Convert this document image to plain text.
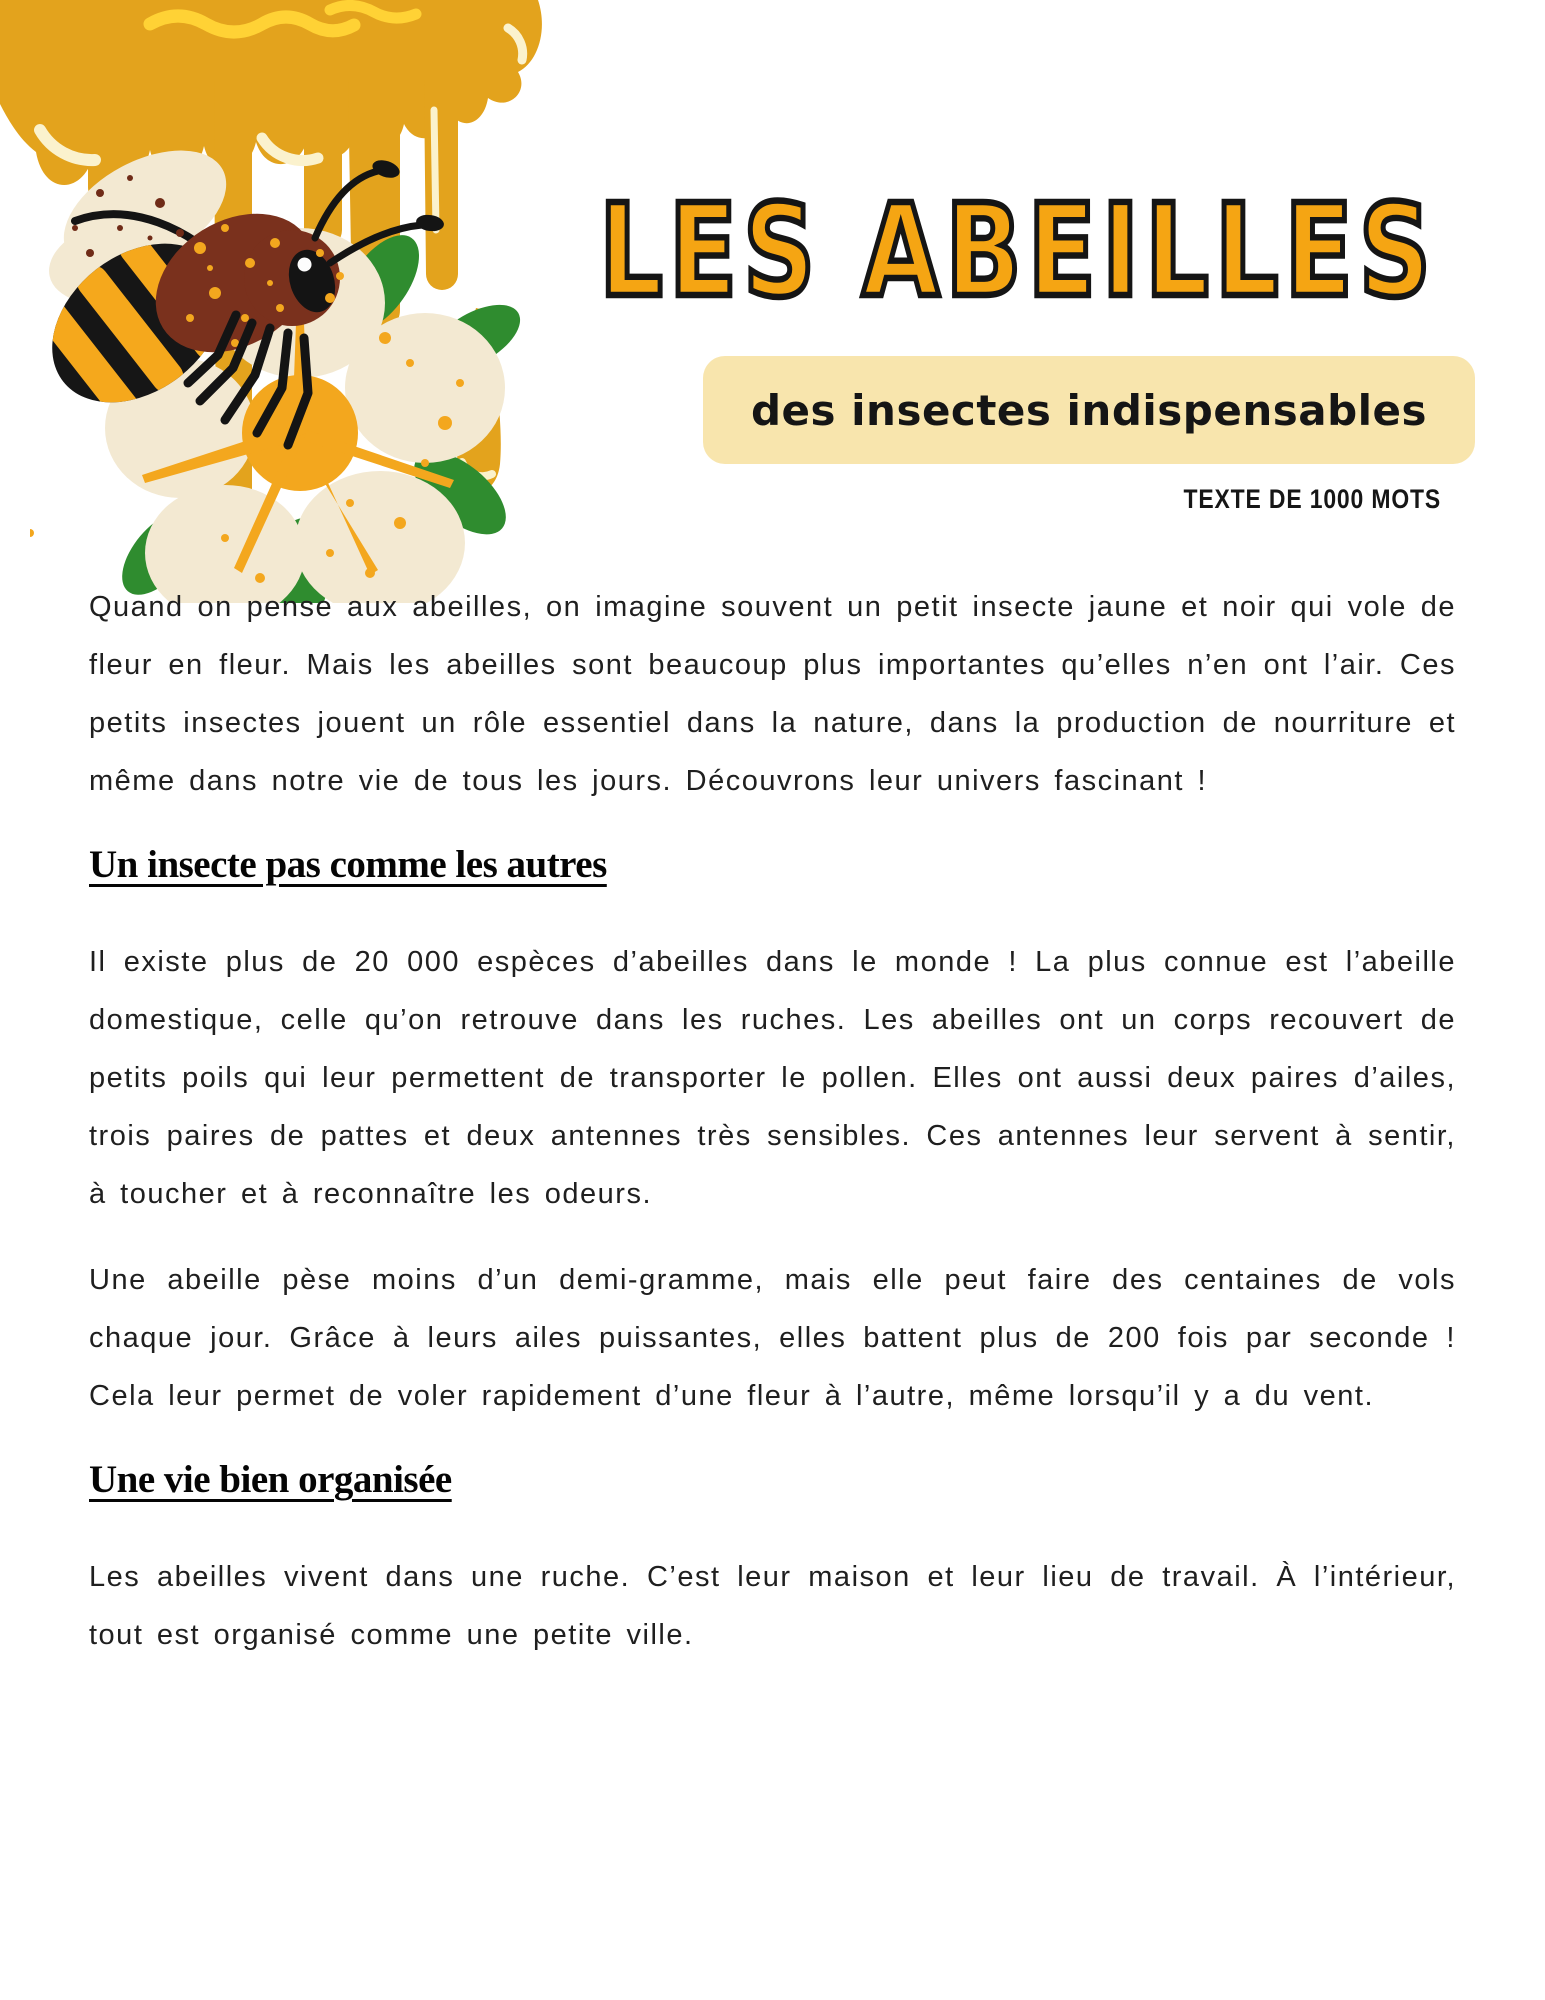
LES ABEILLES
des insectes indispensables
TEXTE DE 1000 MOTS

Quand on pense aux abeilles, on imagine souvent un petit insecte jaune et noir qui vole de fleur en fleur. Mais les abeilles sont beaucoup plus importantes qu’elles n’en ont l’air. Ces petits insectes jouent un rôle essentiel dans la nature, dans la production de nourriture et même dans notre vie de tous les jours. Découvrons leur univers fascinant !

Un insecte pas comme les autres

Il existe plus de 20 000 espèces d’abeilles dans le monde ! La plus connue est l’abeille domestique, celle qu’on retrouve dans les ruches. Les abeilles ont un corps recouvert de petits poils qui leur permettent de transporter le pollen. Elles ont aussi deux paires d’ailes, trois paires de pattes et deux antennes très sensibles. Ces antennes leur servent à sentir, à toucher et à reconnaître les odeurs.

Une abeille pèse moins d’un demi-gramme, mais elle peut faire des centaines de vols chaque jour. Grâce à leurs ailes puissantes, elles battent plus de 200 fois par seconde ! Cela leur permet de voler rapidement d’une fleur à l’autre, même lorsqu’il y a du vent.

Une vie bien organisée

Les abeilles vivent dans une ruche. C’est leur maison et leur lieu de travail. À l’intérieur, tout est organisé comme une petite ville.
